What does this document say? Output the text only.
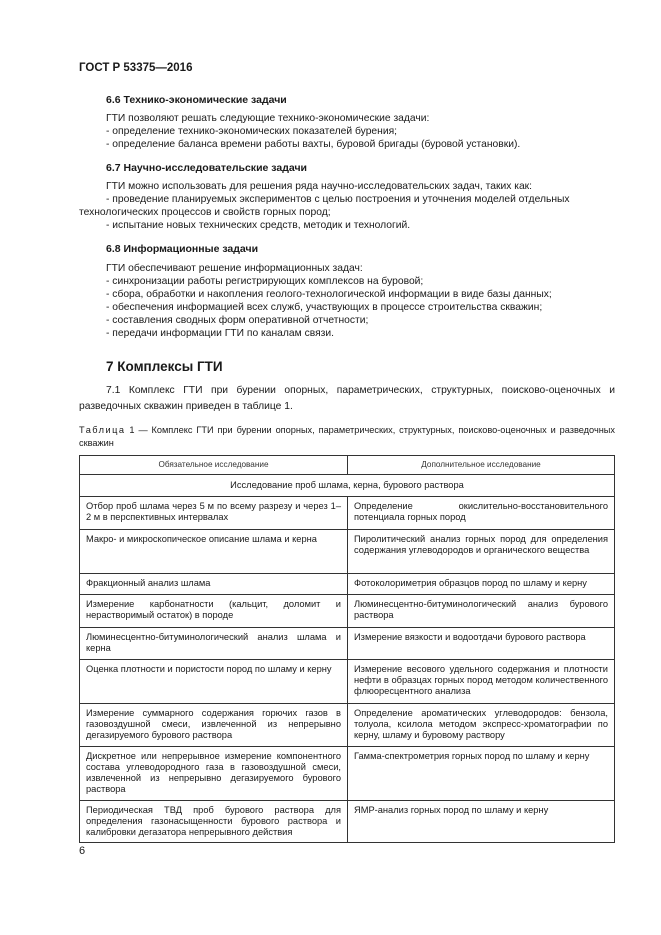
ГОСТ Р 53375—2016
6.6 Технико-экономические задачи
ГТИ позволяют решать следующие технико-экономические задачи:
- определение технико-экономических показателей бурения;
- определение баланса времени работы вахты, буровой бригады (буровой установки).
6.7 Научно-исследовательские задачи
ГТИ можно использовать для решения ряда научно-исследовательских задач, таких как:
- проведение планируемых экспериментов с целью построения и уточнения моделей отдельных
технологических процессов и свойств горных пород;
- испытание новых технических средств, методик и технологий.
6.8 Информационные задачи
ГТИ обеспечивают решение информационных задач:
- синхронизации работы регистрирующих комплексов на буровой;
- сбора, обработки и накопления геолого-технологической информации в виде базы данных;
- обеспечения информацией всех служб, участвующих в процессе строительства скважин;
- составления сводных форм оперативной отчетности;
- передачи информации ГТИ по каналам связи.
7 Комплексы ГТИ
7.1 Комплекс ГТИ при бурении опорных, параметрических, структурных, поисково-оценочных и разведочных скважин приведен в таблице 1.
Таблица 1 — Комплекс ГТИ при бурении опорных, параметрических, структурных, поисково-оценочных и разведочных скважин
Обязательное исследование	Дополнительное исследование
Исследование проб шлама, керна, бурового раствора	
Отбор проб шлама через 5 м по всему разрезу и через 1–2 м в перспективных интервалах	Определение окислительно-восстановительного потенциала горных пород
Макро- и микроскопическое описание шлама и керна	Пиролитический анализ горных пород для определения содержания углеводородов и органического вещества
Фракционный анализ шлама	Фотоколориметрия образцов пород по шламу и керну
Измерение карбонатности (кальцит, доломит и нерастворимый остаток) в породе	Люминесцентно-битуминологический анализ бурового раствора
Люминесцентно-битуминологический анализ шлама и керна	Измерение вязкости и водоотдачи бурового раствора
Оценка плотности и пористости пород по шламу и керну	Измерение весового удельного содержания и плотности нефти в образцах горных пород методом количественного флюоресцентного анализа
Измерение суммарного содержания горючих газов в газовоздушной смеси, извлеченной из непрерывно дегазируемого бурового раствора	Определение ароматических углеводородов: бензола, толуола, ксилола методом экспресс-хроматографии по керну, шламу и буровому раствору
Дискретное или непрерывное измерение компонентного состава углеводородного газа в газовоздушной смеси, извлеченной из непрерывно дегазируемого бурового раствора	Гамма-спектрометрия горных пород по шламу и керну
Периодическая ТВД проб бурового раствора для определения газонасыщенности бурового раствора и калибровки дегазатора непрерывного действия	ЯМР-анализ горных пород по шламу и керну
6
